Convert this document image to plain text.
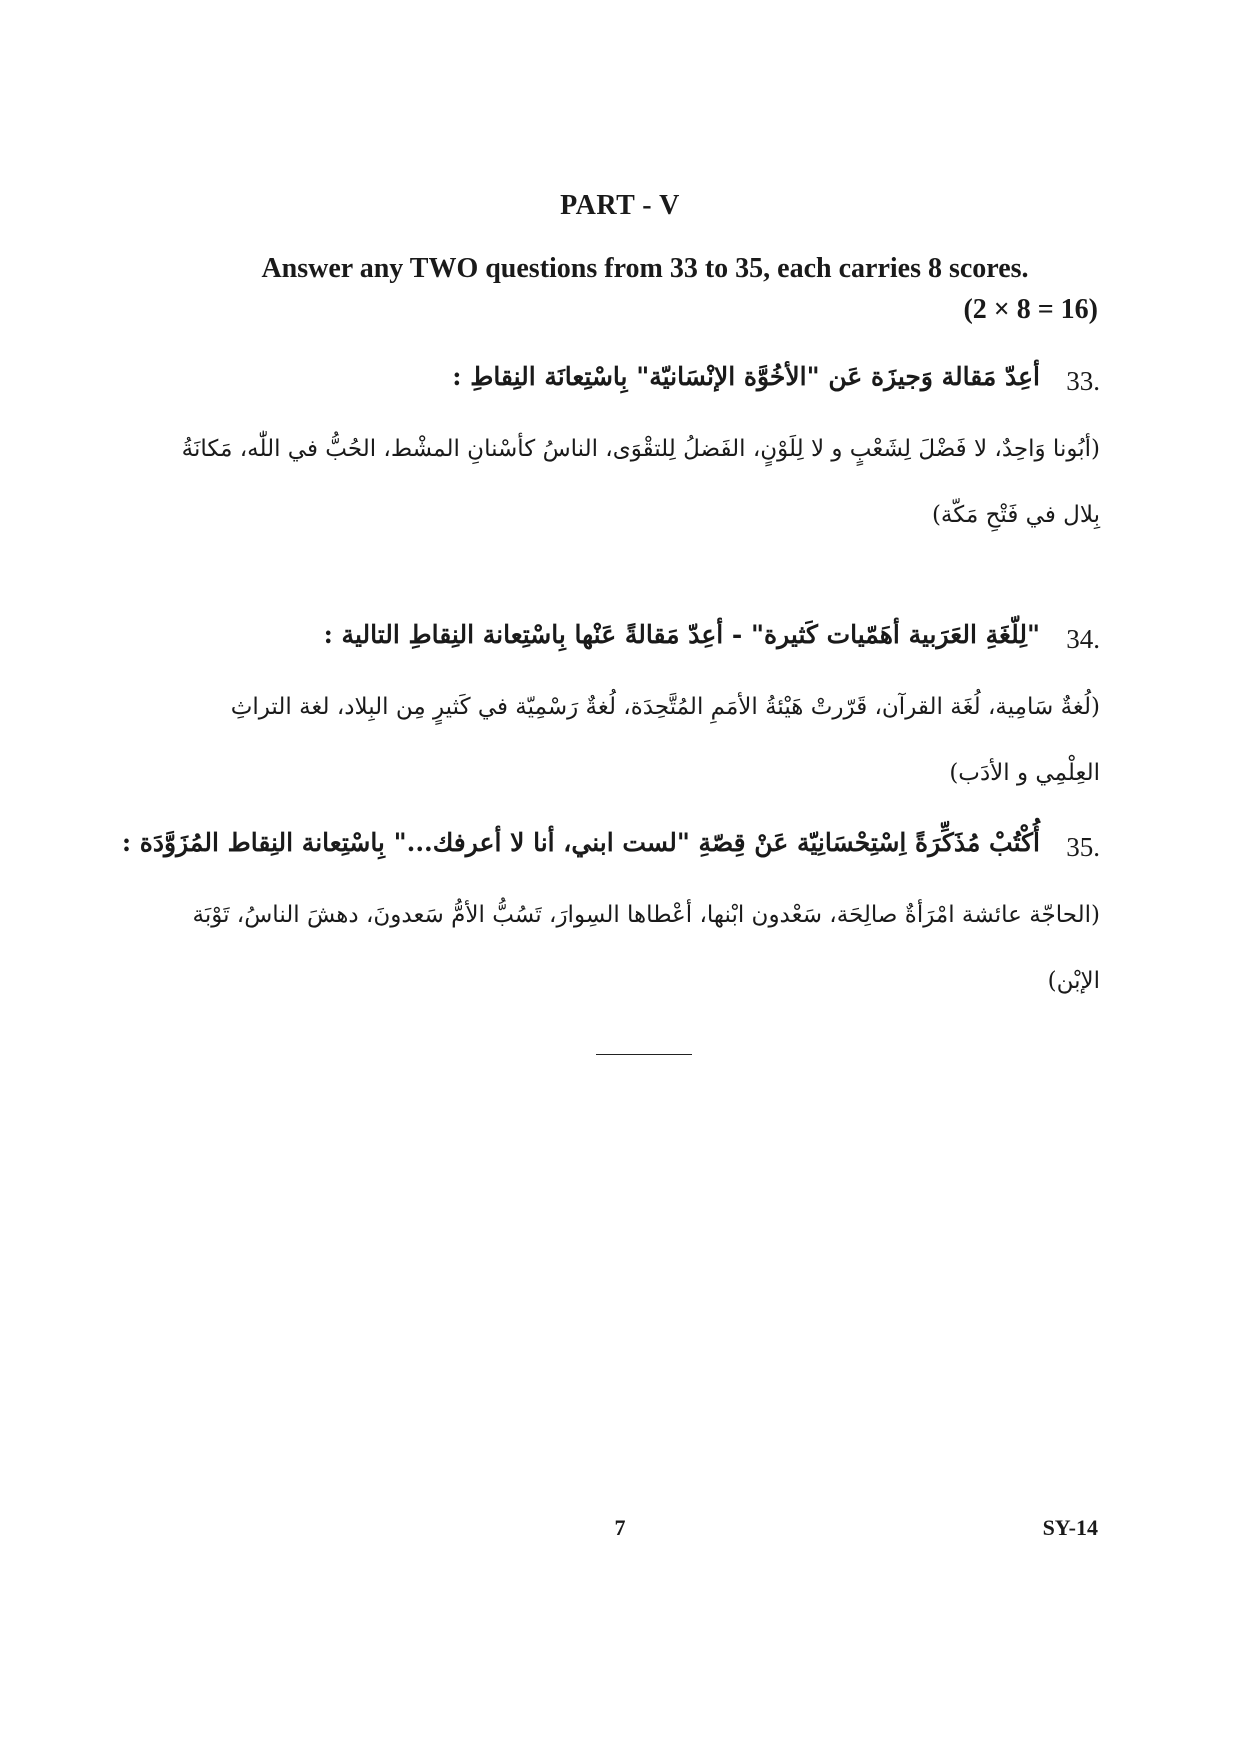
PART - V
Answer any TWO questions from 33 to 35, each carries 8 scores.
(2 × 8 = 16)
33.
أعِدّ مَقالة وَجيزَة عَن "الأخُوَّة الإنْسَانيّة" بِاسْتِعانَة النِقاطِ :
(أبُونا وَاحِدٌ، لا فَضْلَ لِشَعْبٍ و لا لِلَوْنٍ، الفَضلُ لِلتقْوَى، الناسُ كأسْنانِ المشْط، الحُبُّ في اللّٰه، مَكانَةُ بِلال في فَتْحِ مَكّة)
34.
"لِلّغَةِ العَرَبية أهَمّيات كَثيرة" - أعِدّ مَقالةً عَنْها بِاسْتِعانة النِقاطِ التالية :
(لُغةٌ سَامِية، لُغَة القرآن، قَرّرتْ هَيْئةُ الأمَمِ المُتَّحِدَة، لُغةٌ رَسْمِيّة في كَثيرٍ مِن البِلاد، لغة التراثِ العِلْمِي و الأدَب)
35.
أُكْتُبْ مُذَكِّرَةً اِسْتِحْسَانِيّة عَنْ قِصّةِ "لست ابني، أنا لا أعرفك..." بِاسْتِعانة النِقاط المُزَوَّدَة :
(الحاجّة عائشة امْرَأةٌ صالِحَة، سَعْدون ابْنها، أعْطاها السِوارَ، تَسُبُّ الأمُّ سَعدونَ، دهشَ الناسُ، تَوْبَة الإبْن)
7	SY-14
